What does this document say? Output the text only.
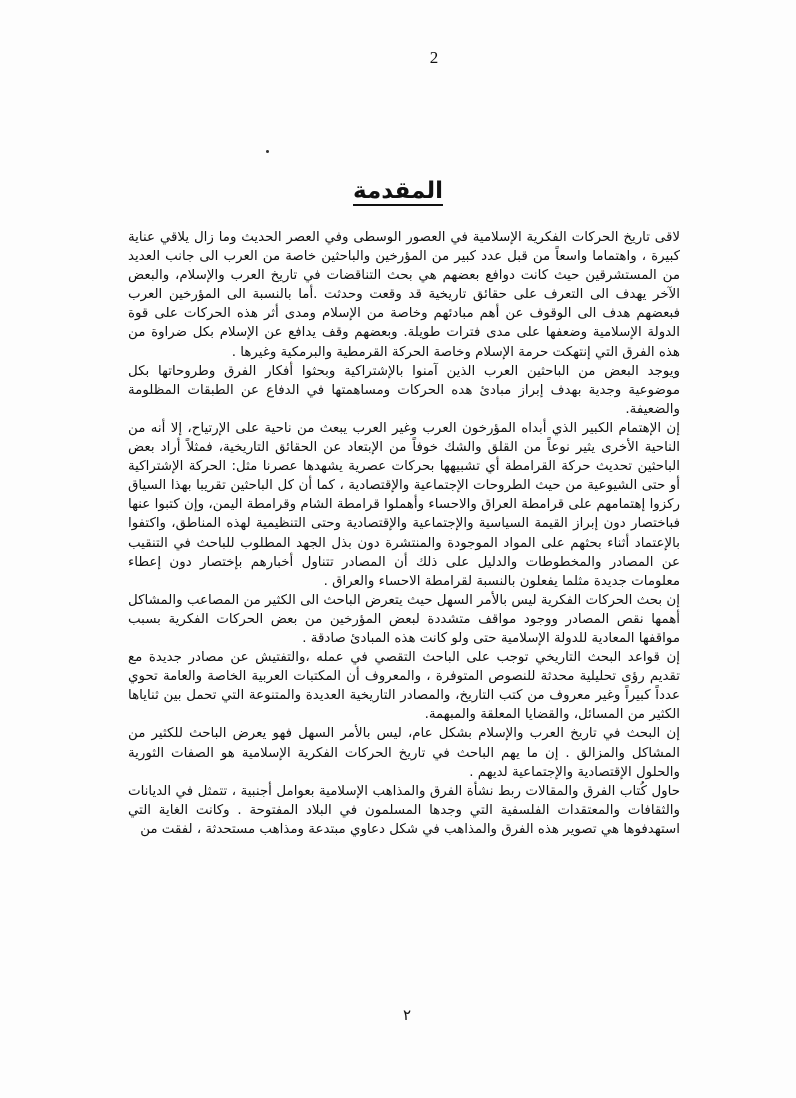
2
المقدمة

لاقى تاريخ الحركات الفكرية الإسلامية في العصور الوسطى وفي العصر الحديث وما زال يلاقي عناية كبيرة ، واهتماما واسعاً من قبل عدد كبير من المؤرخين والباحثين خاصة من العرب الى جانب العديد من المستشرقين حيث كانت دوافع بعضهم هي بحث التناقضات في تاريخ العرب والإسلام، والبعض الآخر يهدف الى التعرف على حقائق تاريخية قد وقعت وحدثت .أما بالنسبة الى المؤرخين العرب فبعضهم هدف الى الوقوف عن أهم مبادئهم وخاصة من الإسلام ومدى أثر هذه الحركات على قوة الدولة الإسلامية وضعفها على مدى فترات طويلة. وبعضهم وقف يدافع عن الإسلام بكل ضراوة من هذه الفرق التي إنتهكت حرمة الإسلام وخاصة الحركة القرمطية والبرمكية وغيرها .

ويوجد البعض من الباحثين العرب الذين آمنوا بالإشتراكية وبحثوا أفكار الفرق وطروحاتها بكل موضوعية وجدية بهدف إبراز مبادئ هده الحركات ومساهمتها في الدفاع عن الطبقات المظلومة والضعيفة.

إن الإهتمام الكبير الذي أبداه المؤرخون العرب وغير العرب يبعث من ناحية على الإرتياح، إلا أنه من الناحية الأخرى يثير نوعاً من القلق والشك خوفاً من الإبتعاد عن الحقائق التاريخية، فمثلاً أراد بعض الباحثين تحديث حركة القرامطة أي تشبيهها بحركات عصرية يشهدها عصرنا مثل: الحركة الإشتراكية أو حتى الشيوعية من حيث الطروحات الإجتماعية والإقتصادية ، كما أن كل الباحثين تقريبا بهذا السياق ركزوا إهتمامهم على قرامطة العراق والاحساء وأهملوا قرامطة الشام وقرامطة اليمن، وإن كتبوا عنها فباختصار دون إبراز القيمة السياسية والإجتماعية والإقتصادية وحتى التنظيمية لهذه المناطق، واكتفوا بالإعتماد أثناء بحثهم على المواد الموجودة والمنتشرة دون بذل الجهد المطلوب للباحث في التنقيب عن المصادر والمخطوطات والدليل على ذلك أن المصادر تتناول أخبارهم بإختصار دون إعطاء معلومات جديدة مثلما يفعلون بالنسبة لقرامطة الاحساء والعراق .

إن بحث الحركات الفكرية ليس بالأمر السهل حيث يتعرض الباحث الى الكثير من المصاعب والمشاكل أهمها نقص المصادر ووجود مواقف متشددة لبعض المؤرخين من بعض الحركات الفكرية بسبب مواقفها المعادية للدولة الإسلامية حتى ولو كانت هذه المبادئ صادقة .

إن قواعد البحث التاريخي توجب على الباحث التقصي في عمله ،والتفتيش عن مصادر جديدة مع تقديم رؤى تحليلية محدثة للنصوص المتوفرة ، والمعروف أن المكتبات العربية الخاصة والعامة تحوي عدداً كبيراً وغير معروف من كتب التاريخ، والمصادر التاريخية العديدة والمتنوعة التي تحمل بين ثناياها الكثير من المسائل، والقضايا المعلقة والمبهمة.

إن البحث في تاريخ العرب والإسلام بشكل عام، ليس بالأمر السهل فهو يعرض الباحث للكثير من المشاكل والمزالق . إن ما يهم الباحث في تاريخ الحركات الفكرية الإسلامية هو الصفات الثورية والحلول الإقتصادية والإجتماعية لديهم .

حاول كُتاب الفرق والمقالات ربط نشأة الفرق والمذاهب الإسلامية بعوامل أجنبية ، تتمثل في الديانات والثقافات والمعتقدات الفلسفية التي وجدها المسلمون في البلاد المفتوحة . وكانت الغاية التي استهدفوها هي تصوير هذه الفرق والمذاهب في شكل دعاوي مبتدعة ومذاهب مستحدثة ، لفقت من

٢
